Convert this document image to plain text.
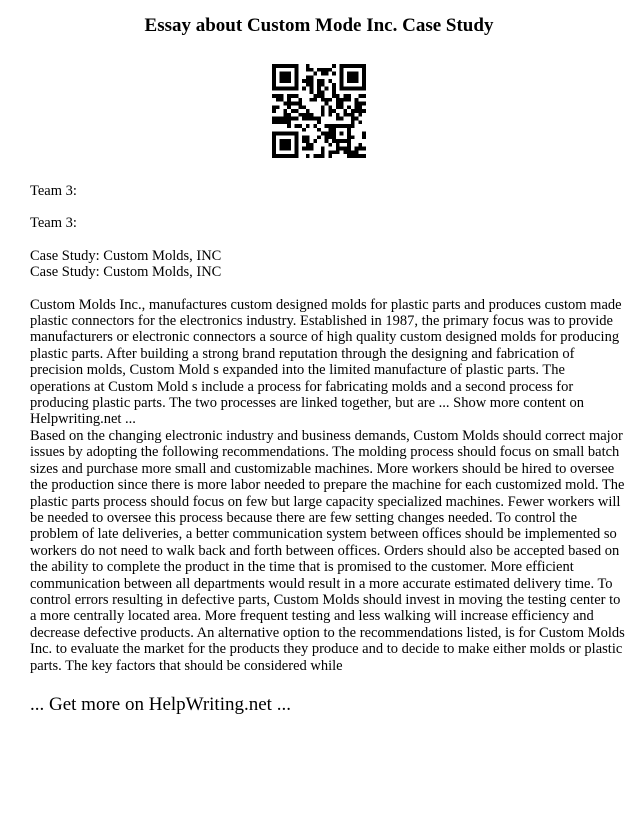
Essay about Custom Mode Inc. Case Study

Team 3:

Team 3:

Case Study: Custom Molds, INC

Case Study: Custom Molds, INC

Custom Molds Inc., manufactures custom designed molds for plastic parts and produces custom made
plastic connectors for the electronics industry. Established in 1987, the primary focus was to provide
manufacturers or electronic connectors a source of high quality custom designed molds for producing
plastic parts. After building a strong brand reputation through the designing and fabrication of
precision molds, Custom Mold s expanded into the limited manufacture of plastic parts. The
operations at Custom Mold s include a process for fabricating molds and a second process for
producing plastic parts. The two processes are linked together, but are ... Show more content on
Helpwriting.net ...

Based on the changing electronic industry and business demands, Custom Molds should correct major
issues by adopting the following recommendations. The molding process should focus on small batch
sizes and purchase more small and customizable machines. More workers should be hired to oversee
the production since there is more labor needed to prepare the machine for each customized mold. The
plastic parts process should focus on few but large capacity specialized machines. Fewer workers will
be needed to oversee this process because there are few setting changes needed. To control the
problem of late deliveries, a better communication system between offices should be implemented so
workers do not need to walk back and forth between offices. Orders should also be accepted based on
the ability to complete the product in the time that is promised to the customer. More efficient
communication between all departments would result in a more accurate estimated delivery time. To
control errors resulting in defective parts, Custom Molds should invest in moving the testing center to
a more centrally located area. More frequent testing and less walking will increase efficiency and
decrease defective products. An alternative option to the recommendations listed, is for Custom Molds
Inc. to evaluate the market for the products they produce and to decide to make either molds or plastic
parts. The key factors that should be considered while

... Get more on HelpWriting.net ...
